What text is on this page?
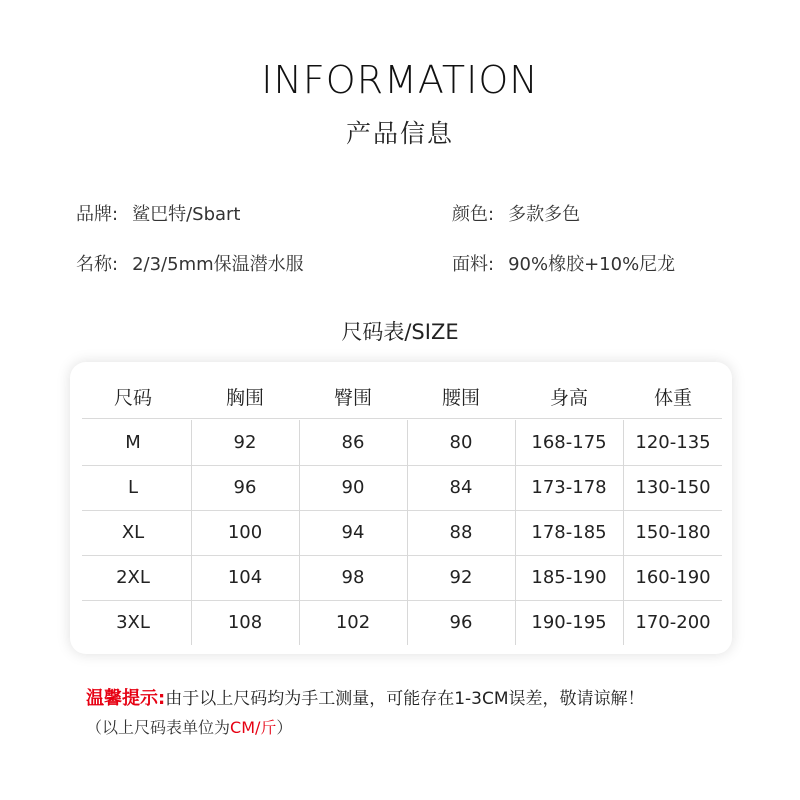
INFORMATION
产品信息
品牌: 鲨巴特/Sbart	颜色: 多款多色
名称: 2/3/5mm保温潜水服	面料: 90%橡胶+10%尼龙
尺码表/SIZE
尺码	胸围	臀围	腰围	身高	体重
M	92	86	80	168-175	120-135
L	96	90	84	173-178	130-150
XL	100	94	88	178-185	150-180
2XL	104	98	92	185-190	160-190
3XL	108	102	96	190-195	170-200
温馨提示:由于以上尺码均为手工测量，可能存在1-3CM误差，敬请谅解！
（以上尺码表单位为CM/斤）
